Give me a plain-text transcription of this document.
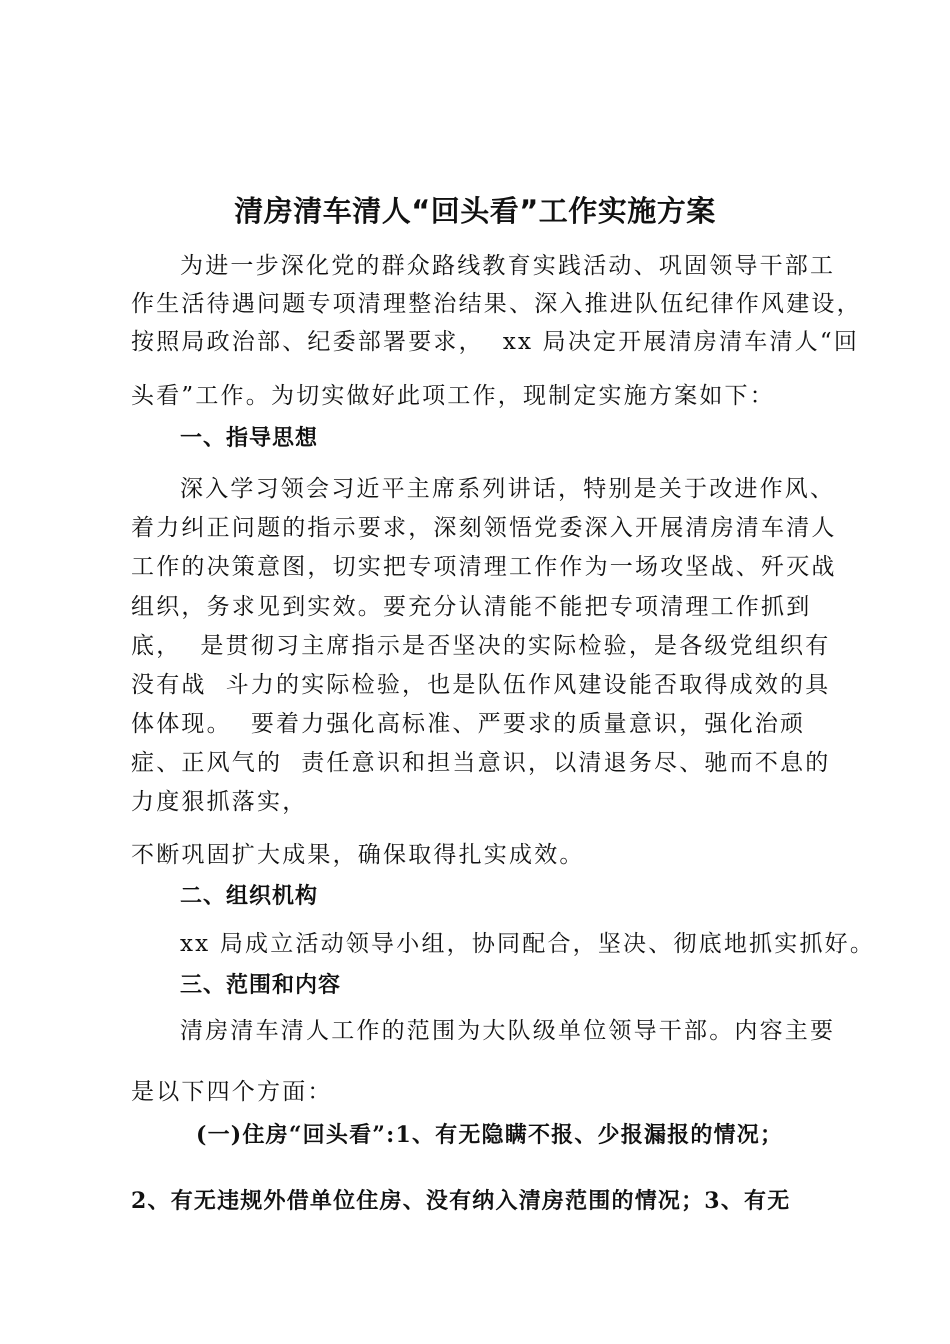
清房清车清人“回头看”工作实施方案
为进一步深化党的群众路线教育实践活动、巩固领导干部工
作生活待遇问题专项清理整治结果、深入推进队伍纪律作风建设，
按照局政治部、纪委部署要求，  xx 局决定开展清房清车清人“回
头看”工作。为切实做好此项工作，现制定实施方案如下：
一、指导思想
深入学习领会习近平主席系列讲话，特别是关于改进作风、
着力纠正问题的指示要求，深刻领悟党委深入开展清房清车清人
工作的决策意图，切实把专项清理工作作为一场攻坚战、歼灭战
组织，务求见到实效。要充分认清能不能把专项清理工作抓到
底，  是贯彻习主席指示是否坚决的实际检验，是各级党组织有
没有战  斗力的实际检验，也是队伍作风建设能否取得成效的具
体体现。  要着力强化高标准、严要求的质量意识，强化治顽
症、正风气的  责任意识和担当意识，以清退务尽、驰而不息的
力度狠抓落实，
不断巩固扩大成果，确保取得扎实成效。
二、组织机构
xx 局成立活动领导小组，协同配合，坚决、彻底地抓实抓好。
三、范围和内容
清房清车清人工作的范围为大队级单位领导干部。内容主要
是以下四个方面：
(一)住房“回头看”:1、有无隐瞒不报、少报漏报的情况；
2、有无违规外借单位住房、没有纳入清房范围的情况；3、有无
